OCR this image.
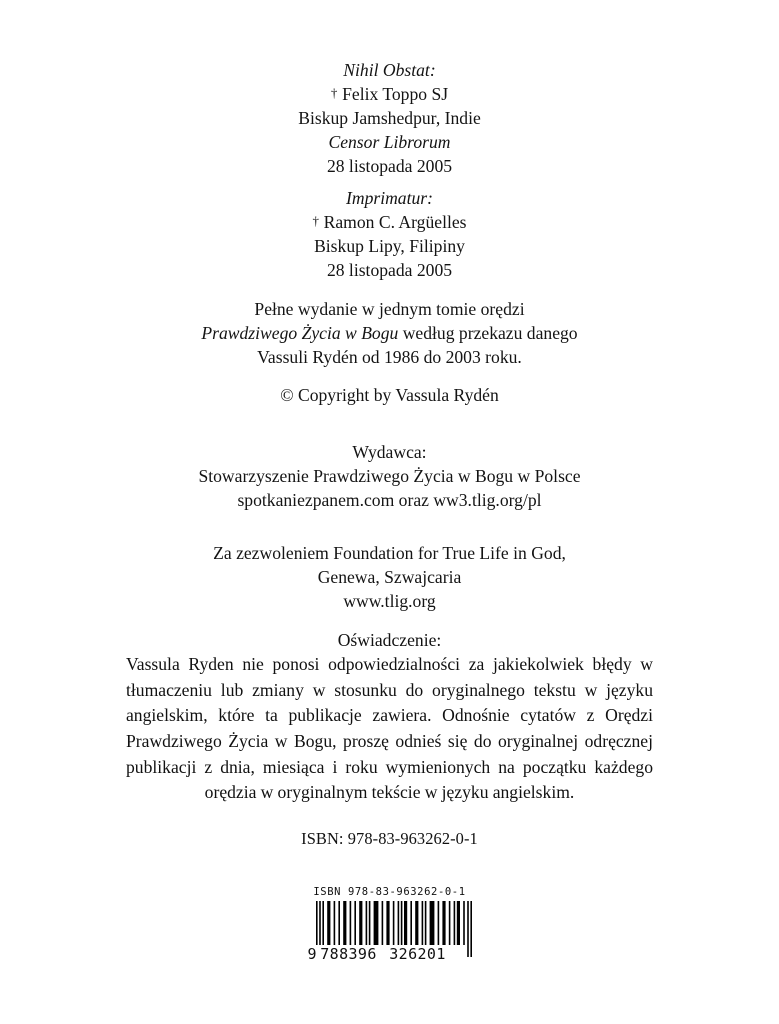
Nihil Obstat:
† Felix Toppo SJ
Biskup Jamshedpur, Indie
Censor Librorum
28 listopada 2005
Imprimatur:
† Ramon C. Argüelles
Biskup Lipy, Filipiny
28 listopada 2005
Pełne wydanie w jednym tomie orędzi
Prawdziwego Życia w Bogu według przekazu danego
Vassuli Rydén od 1986 do 2003 roku.
© Copyright by Vassula Rydén
Wydawca:
Stowarzyszenie Prawdziwego Życia w Bogu w Polsce
spotkaniezpanem.com oraz ww3.tlig.org/pl
Za zezwoleniem Foundation for True Life in God,
Genewa, Szwajcaria
www.tlig.org
Oświadczenie:
Vassula Ryden nie ponosi odpowiedzialności za jakiekolwiek błędy w tłumaczeniu lub zmiany w stosunku do oryginalnego tekstu w języku angielskim, które ta publikacje zawiera. Odnośnie cytatów z Orędzi Prawdziwego Życia w Bogu, proszę odnieś się do oryginalnej odręcznej publikacji z dnia, miesiąca i roku wymienionych na początku każdego orędzia w oryginalnym tekście w języku angielskim.
ISBN: 978-83-963262-0-1
ISBN 978-83-963262-0-1
9 788396 326201
